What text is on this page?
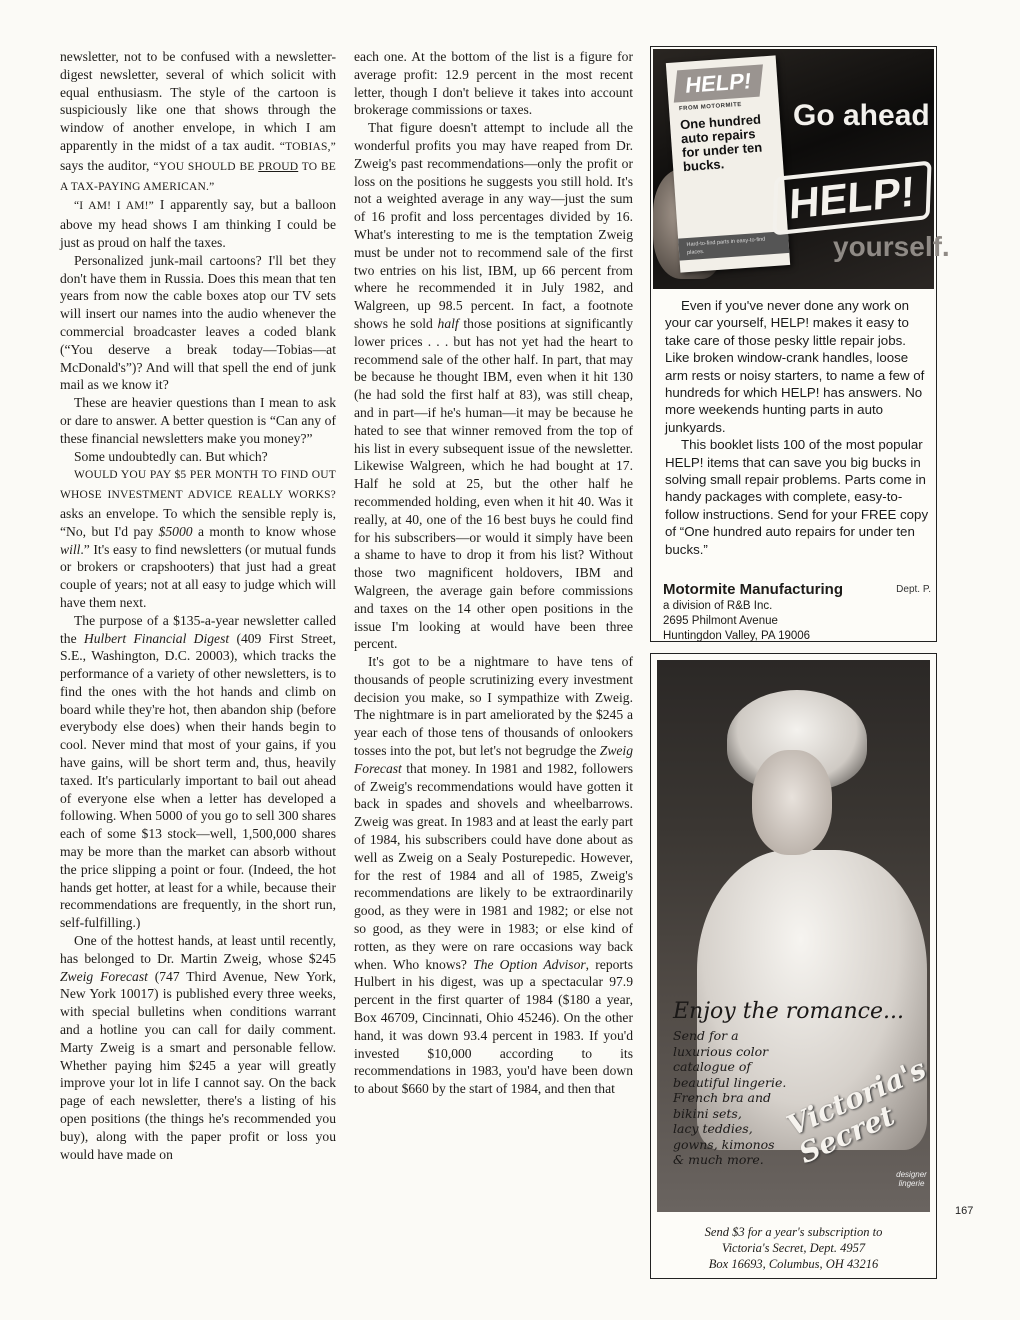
newsletter, not to be confused with a newsletter-digest newsletter, several of which solicit with equal enthusiasm. The style of the cartoon is suspiciously like one that shows through the window of another envelope, in which I am apparently in the midst of a tax audit. “TOBIAS,” says the auditor, “YOU SHOULD BE PROUD TO BE A TAX-PAYING AMERICAN.”

“I AM! I AM!” I apparently say, but a balloon above my head shows I am thinking I could be just as proud on half the taxes.

Personalized junk-mail cartoons? I'll bet they don't have them in Russia. Does this mean that ten years from now the cable boxes atop our TV sets will insert our names into the audio whenever the commercial broadcaster leaves a coded blank (“You deserve a break today—Tobias—at McDonald's”)? And will that spell the end of junk mail as we know it?

These are heavier questions than I mean to ask or dare to answer. A better question is “Can any of these financial newsletters make you money?”

Some undoubtedly can. But which?

WOULD YOU PAY $5 PER MONTH TO FIND OUT WHOSE INVESTMENT ADVICE REALLY WORKS? asks an envelope. To which the sensible reply is, “No, but I'd pay $5000 a month to know whose will.” It's easy to find newsletters (or mutual funds or brokers or crapshooters) that just had a great couple of years; not at all easy to judge which will have them next.

The purpose of a $135-a-year newsletter called the Hulbert Financial Digest (409 First Street, S.E., Washington, D.C. 20003), which tracks the performance of a variety of other newsletters, is to find the ones with the hot hands and climb on board while they're hot, then abandon ship (before everybody else does) when their hands begin to cool. Never mind that most of your gains, if you have gains, will be short term and, thus, heavily taxed. It's particularly important to bail out ahead of everyone else when a letter has developed a following. When 5000 of you go to sell 300 shares each of some $13 stock—well, 1,500,000 shares may be more than the market can absorb without the price slipping a point or four. (Indeed, the hot hands get hotter, at least for a while, because their recommendations are frequently, in the short run, self-fulfilling.)

One of the hottest hands, at least until recently, has belonged to Dr. Martin Zweig, whose $245 Zweig Forecast (747 Third Avenue, New York, New York 10017) is published every three weeks, with special bulletins when conditions warrant and a hotline you can call for daily comment. Marty Zweig is a smart and personable fellow. Whether paying him $245 a year will greatly improve your lot in life I cannot say. On the back page of each newsletter, there's a listing of his open positions (the things he's recommended you buy), along with the paper profit or loss you would have made on

each one. At the bottom of the list is a figure for average profit: 12.9 percent in the most recent letter, though I don't believe it takes into account brokerage commissions or taxes.

That figure doesn't attempt to include all the wonderful profits you may have reaped from Dr. Zweig's past recommendations—only the profit or loss on the positions he suggests you still hold. It's not a weighted average in any way—just the sum of 16 profit and loss percentages divided by 16. What's interesting to me is the temptation Zweig must be under not to recommend sale of the first two entries on his list, IBM, up 66 percent from where he recommended it in July 1982, and Walgreen, up 98.5 percent. In fact, a footnote shows he sold half those positions at significantly lower prices . . . but has not yet had the heart to recommend sale of the other half. In part, that may be because he thought IBM, even when it hit 130 (he had sold the first half at 83), was still cheap, and in part—if he's human—it may be because he hated to see that winner removed from the top of his list in every subsequent issue of the newsletter. Likewise Walgreen, which he had bought at 17. Half he sold at 25, but the other half he recommended holding, even when it hit 40. Was it really, at 40, one of the 16 best buys he could find for his subscribers—or would it simply have been a shame to have to drop it from his list? Without those two magnificent holdovers, IBM and Walgreen, the average gain before commissions and taxes on the 14 other open positions in the issue I'm looking at would have been three percent.

It's got to be a nightmare to have tens of thousands of people scrutinizing every investment decision you make, so I sympathize with Zweig. The nightmare is in part ameliorated by the $245 a year each of those tens of thousands of onlookers tosses into the pot, but let's not begrudge the Zweig Forecast that money. In 1981 and 1982, followers of Zweig's recommendations would have gotten it back in spades and shovels and wheelbarrows. Zweig was great. In 1983 and at least the early part of 1984, his subscribers could have done about as well as Zweig on a Sealy Posturepedic. However, for the rest of 1984 and all of 1985, Zweig's recommendations are likely to be extraordinarily good, as they were in 1981 and 1982; or else not so good, as they were in 1983; or else kind of rotten, as they were on rare occasions way back when. Who knows? The Option Advisor, reports Hulbert in his digest, was up a spectacular 97.9 percent in the first quarter of 1984 ($180 a year, Box 46709, Cincinnati, Ohio 45246). On the other hand, it was down 93.4 percent in 1983. If you'd invested $10,000 according to its recommendations in 1983, you'd have been down to about $660 by the start of 1984, and then that

HELP!
FROM MOTORMITE
One hundred auto repairs for under ten bucks.
Hard-to-find parts in easy-to-find places.
Go ahead
HELP!
yourself.

Even if you've never done any work on your car yourself, HELP! makes it easy to take care of those pesky little repair jobs. Like broken window-crank handles, loose arm rests or noisy starters, to name a few of hundreds for which HELP! has answers. No more weekends hunting parts in auto junkyards.

This booklet lists 100 of the most popular HELP! items that can save you big bucks in solving small repair problems. Parts come in handy packages with complete, easy-to-follow instructions. Send for your FREE copy of “One hundred auto repairs for under ten bucks.”

Motormite Manufacturing	Dept. P.
a division of R&B Inc.
2695 Philmont Avenue
Huntingdon Valley, PA 19006
Enjoy the romance...
Send for a
luxurious color
catalogue of
beautiful lingerie.
French bra and
bikini sets,
lacy teddies,
gowns, kimonos
& much more.
Victoria's Secret
designer lingerie
Send $3 for a year's subscription to
Victoria's Secret, Dept. 4957
Box 16693, Columbus, OH 43216
167
